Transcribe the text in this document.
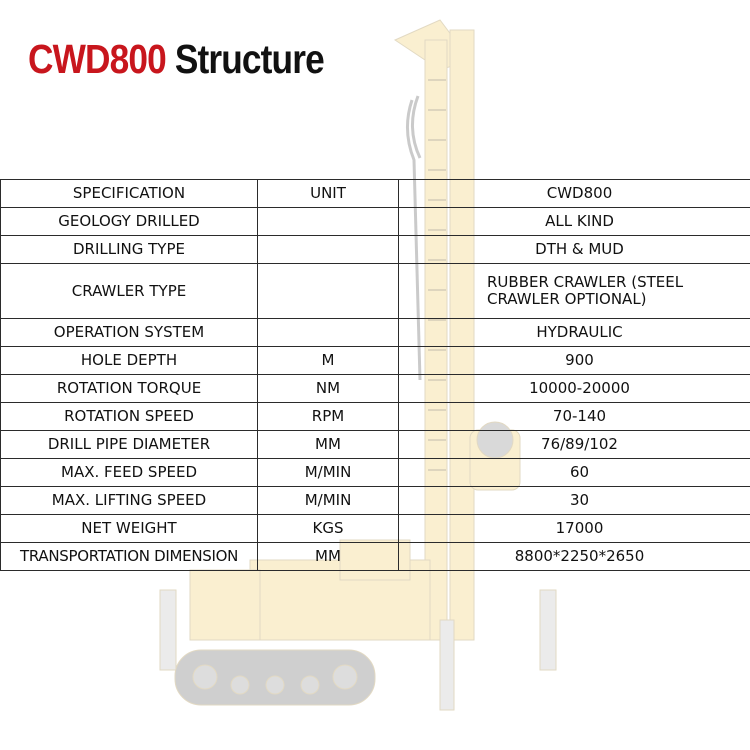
CWD800 Structure
SPECIFICATION	UNIT	CWD800
GEOLOGY DRILLED		ALL KIND
DRILLING TYPE		DTH & MUD
CRAWLER TYPE		RUBBER CRAWLER (STEEL CRAWLER OPTIONAL)
OPERATION SYSTEM		HYDRAULIC
HOLE DEPTH	M	900
ROTATION TORQUE	NM	10000-20000
ROTATION SPEED	RPM	70-140
DRILL PIPE DIAMETER	MM	76/89/102
MAX. FEED SPEED	M/MIN	60
MAX. LIFTING SPEED	M/MIN	30
NET WEIGHT	KGS	17000
TRANSPORTATION DIMENSION	MM	8800*2250*2650
